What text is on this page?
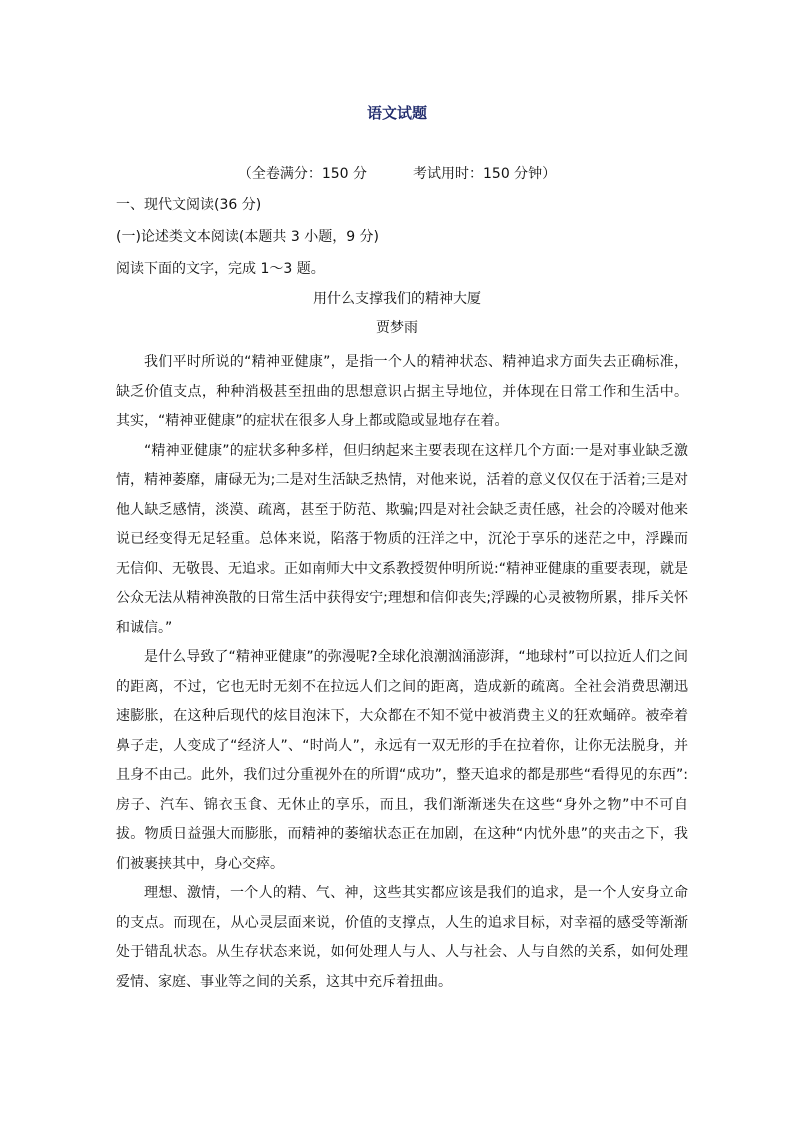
语文试题
（全卷满分：150 分	考试用时：150 分钟）
一、现代文阅读(36 分)
(一)论述类文本阅读(本题共 3 小题，9 分)
阅读下面的文字，完成 1～3 题。
用什么支撑我们的精神大厦
贾梦雨

我们平时所说的“精神亚健康”，是指一个人的精神状态、精神追求方面失去正确标准，缺乏价值支点，种种消极甚至扭曲的思想意识占据主导地位，并体现在日常工作和生活中。其实，“精神亚健康”的症状在很多人身上都或隐或显地存在着。

“精神亚健康”的症状多种多样，但归纳起来主要表现在这样几个方面:一是对事业缺乏激情，精神萎靡，庸碌无为;二是对生活缺乏热情，对他来说，活着的意义仅仅在于活着;三是对他人缺乏感情，淡漠、疏离，甚至于防范、欺骗;四是对社会缺乏责任感，社会的冷暖对他来说已经变得无足轻重。总体来说，陷落于物质的汪洋之中，沉沦于享乐的迷茫之中，浮躁而无信仰、无敬畏、无追求。正如南师大中文系教授贺仲明所说:“精神亚健康的重要表现，就是公众无法从精神涣散的日常生活中获得安宁;理想和信仰丧失;浮躁的心灵被物所累，排斥关怀和诚信。”

是什么导致了“精神亚健康”的弥漫呢?全球化浪潮汹涌澎湃，“地球村”可以拉近人们之间的距离，不过，它也无时无刻不在拉远人们之间的距离，造成新的疏离。全社会消费思潮迅速膨胀，在这种后现代的炫目泡沫下，大众都在不知不觉中被消费主义的狂欢蛹碎。被牵着鼻子走，人变成了“经济人”、“时尚人”，永远有一双无形的手在拉着你，让你无法脱身，并且身不由己。此外，我们过分重视外在的所谓“成功”，整天追求的都是那些“看得见的东西”:房子、汽车、锦衣玉食、无休止的享乐，而且，我们渐渐迷失在这些“身外之物”中不可自拔。物质日益强大而膨胀，而精神的萎缩状态正在加剧，在这种“内忧外患”的夹击之下，我们被裹挟其中，身心交瘁。

理想、激情，一个人的精、气、神，这些其实都应该是我们的追求，是一个人安身立命的支点。而现在，从心灵层面来说，价值的支撑点，人生的追求目标，对幸福的感受等渐渐处于错乱状态。从生存状态来说，如何处理人与人、人与社会、人与自然的关系，如何处理爱情、家庭、事业等之间的关系，这其中充斥着扭曲。
